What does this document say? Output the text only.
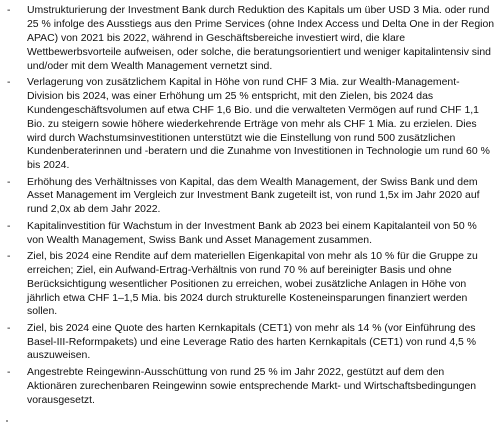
- Umstrukturierung der Investment Bank durch Reduktion des Kapitals um über USD 3 Mia. oder rund 25 % infolge des Ausstiegs aus den Prime Services (ohne Index Access und Delta One in der Region APAC) von 2021 bis 2022, während in Geschäftsbereiche investiert wird, die klare Wettbewerbsvorteile aufweisen, oder solche, die beratungsorientiert und weniger kapitalintensiv sind und/oder mit dem Wealth Management vernetzt sind.
- Verlagerung von zusätzlichem Kapital in Höhe von rund CHF 3 Mia. zur Wealth-Management-Division bis 2024, was einer Erhöhung um 25 % entspricht, mit den Zielen, bis 2024 das Kundengeschäftsvolumen auf etwa CHF 1,6 Bio. und die verwalteten Vermögen auf rund CHF 1,1 Bio. zu steigern sowie höhere wiederkehrende Erträge von mehr als CHF 1 Mia. zu erzielen. Dies wird durch Wachstumsinvestitionen unterstützt wie die Einstellung von rund 500 zusätzlichen Kundenberaterinnen und -beratern und die Zunahme von Investitionen in Technologie um rund 60 % bis 2024.
- Erhöhung des Verhältnisses von Kapital, das dem Wealth Management, der Swiss Bank und dem Asset Management im Vergleich zur Investment Bank zugeteilt ist, von rund 1,5x im Jahr 2020 auf rund 2,0x ab dem Jahr 2022.
- Kapitalinvestition für Wachstum in der Investment Bank ab 2023 bei einem Kapitalanteil von 50 % von Wealth Management, Swiss Bank und Asset Management zusammen.
- Ziel, bis 2024 eine Rendite auf dem materiellen Eigenkapital von mehr als 10 % für die Gruppe zu erreichen; Ziel, ein Aufwand-Ertrag-Verhältnis von rund 70 % auf bereinigter Basis und ohne Berücksichtigung wesentlicher Positionen zu erreichen, wobei zusätzliche Anlagen in Höhe von jährlich etwa CHF 1–1,5 Mia. bis 2024 durch strukturelle Kosteneinsparungen finanziert werden sollen.
- Ziel, bis 2024 eine Quote des harten Kernkapitals (CET1) von mehr als 14 % (vor Einführung des Basel-III-Reformpakets) und eine Leverage Ratio des harten Kernkapitals (CET1) von rund 4,5 % auszuweisen.
- Angestrebte Reingewinn-Ausschüttung von rund 25 % im Jahr 2022, gestützt auf dem den Aktionären zurechenbaren Reingewinn sowie entsprechende Markt- und Wirtschaftsbedingungen vorausgesetzt.
